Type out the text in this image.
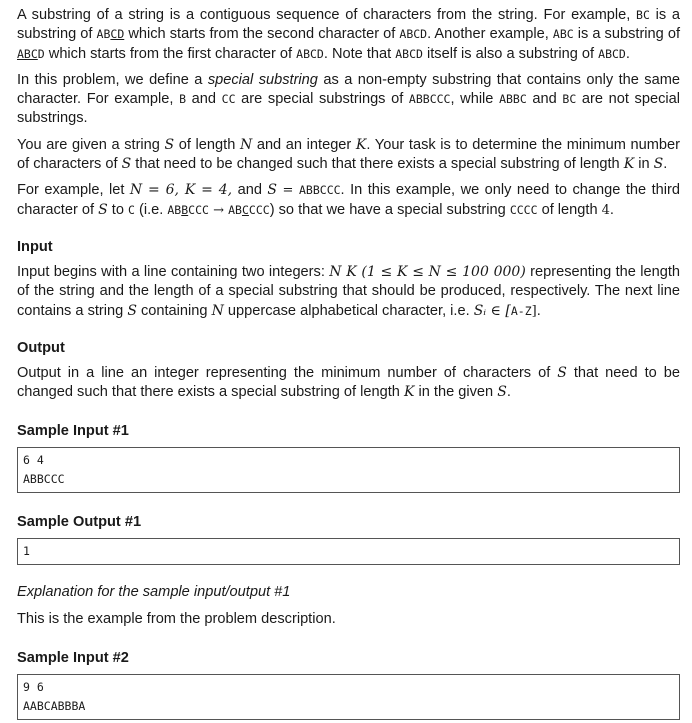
A substring of a string is a contiguous sequence of characters from the string. For example, BC is a substring of ABCD which starts from the second character of ABCD. Another example, ABC is a substring of ABCD which starts from the first character of ABCD. Note that ABCD itself is also a substring of ABCD.

In this problem, we define a special substring as a non-empty substring that contains only the same character. For example, B and CC are special substrings of ABBCCC, while ABBC and BC are not special substrings.

You are given a string S of length N and an integer K. Your task is to determine the minimum number of characters of S that need to be changed such that there exists a special substring of length K in S.

For example, let N = 6, K = 4, and S = ABBCCC. In this example, we only need to change the third character of S to C (i.e. ABBCCC → ABCCCC) so that we have a special substring CCCC of length 4.

Input

Input begins with a line containing two integers: N K (1 ≤ K ≤ N ≤ 100 000) representing the length of the string and the length of a special substring that should be produced, respectively. The next line contains a string S containing N uppercase alphabetical character, i.e. Sᵢ ∈ [A-Z].

Output

Output in a line an integer representing the minimum number of characters of S that need to be changed such that there exists a special substring of length K in the given S.

Sample Input #1
6 4
ABBCCC
Sample Output #1
1

Explanation for the sample input/output #1

This is the example from the problem description.

Sample Input #2
9 6
AABCABBBA
